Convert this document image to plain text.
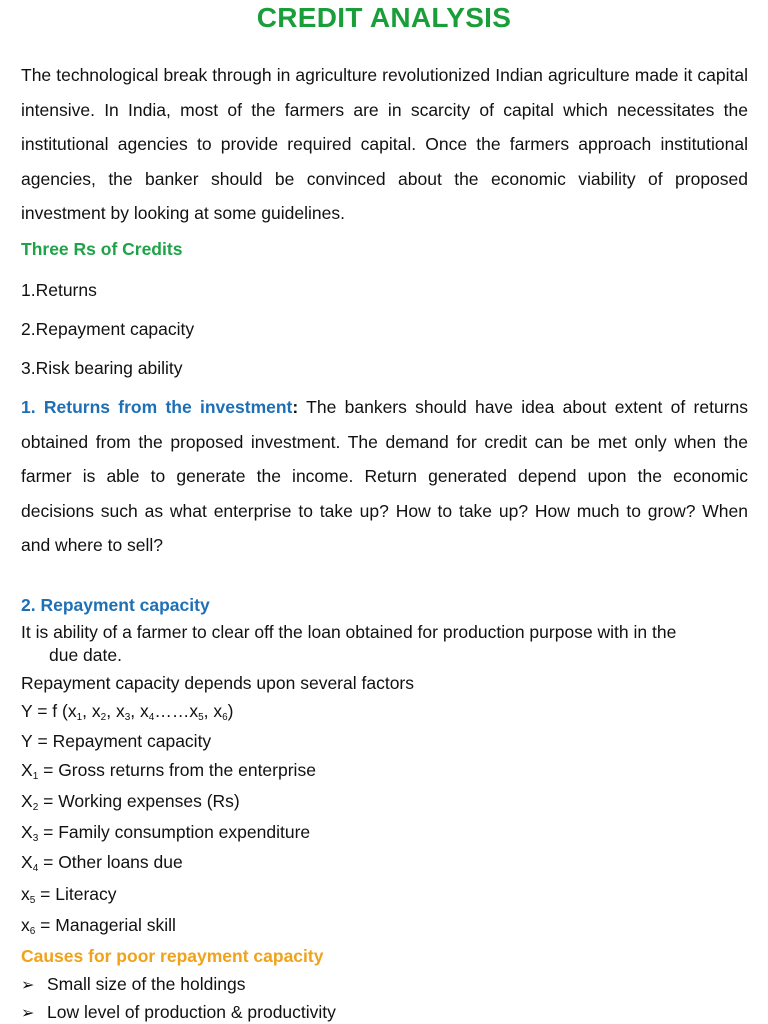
CREDIT ANALYSIS

The technological break through in agriculture revolutionized Indian agriculture made it capital intensive. In India, most of the farmers are in scarcity of capital which necessitates the institutional agencies to provide required capital. Once the farmers approach institutional agencies, the banker should be convinced about the economic viability of proposed investment by looking at some guidelines.

Three Rs of Credits
1.Returns
2.Repayment capacity
3.Risk bearing ability

1. Returns from the investment: The bankers should have idea about extent of returns obtained from the proposed investment. The demand for credit can be met only when the farmer is able to generate the income. Return generated depend upon the economic decisions such as what enterprise to take up? How to take up? How much to grow? When and where to sell?

2. Repayment capacity
It is ability of a farmer to clear off the loan obtained for production purpose with in the
due date.
Repayment capacity depends upon several factors
Y = f ($x_1$, $x_2$, $x_3$, $x_4\dots\dots x_5$, $x_6$)
Y = Repayment capacity
$X_1$ = Gross returns from the enterprise
$X_2$ = Working expenses (Rs)
$X_3$ = Family consumption expenditure
$X_4$ = Other loans due
$x_5$ = Literacy
$x_6$ = Managerial skill
Causes for poor repayment capacity
➢ Small size of the holdings
➢ Low level of production & productivity
